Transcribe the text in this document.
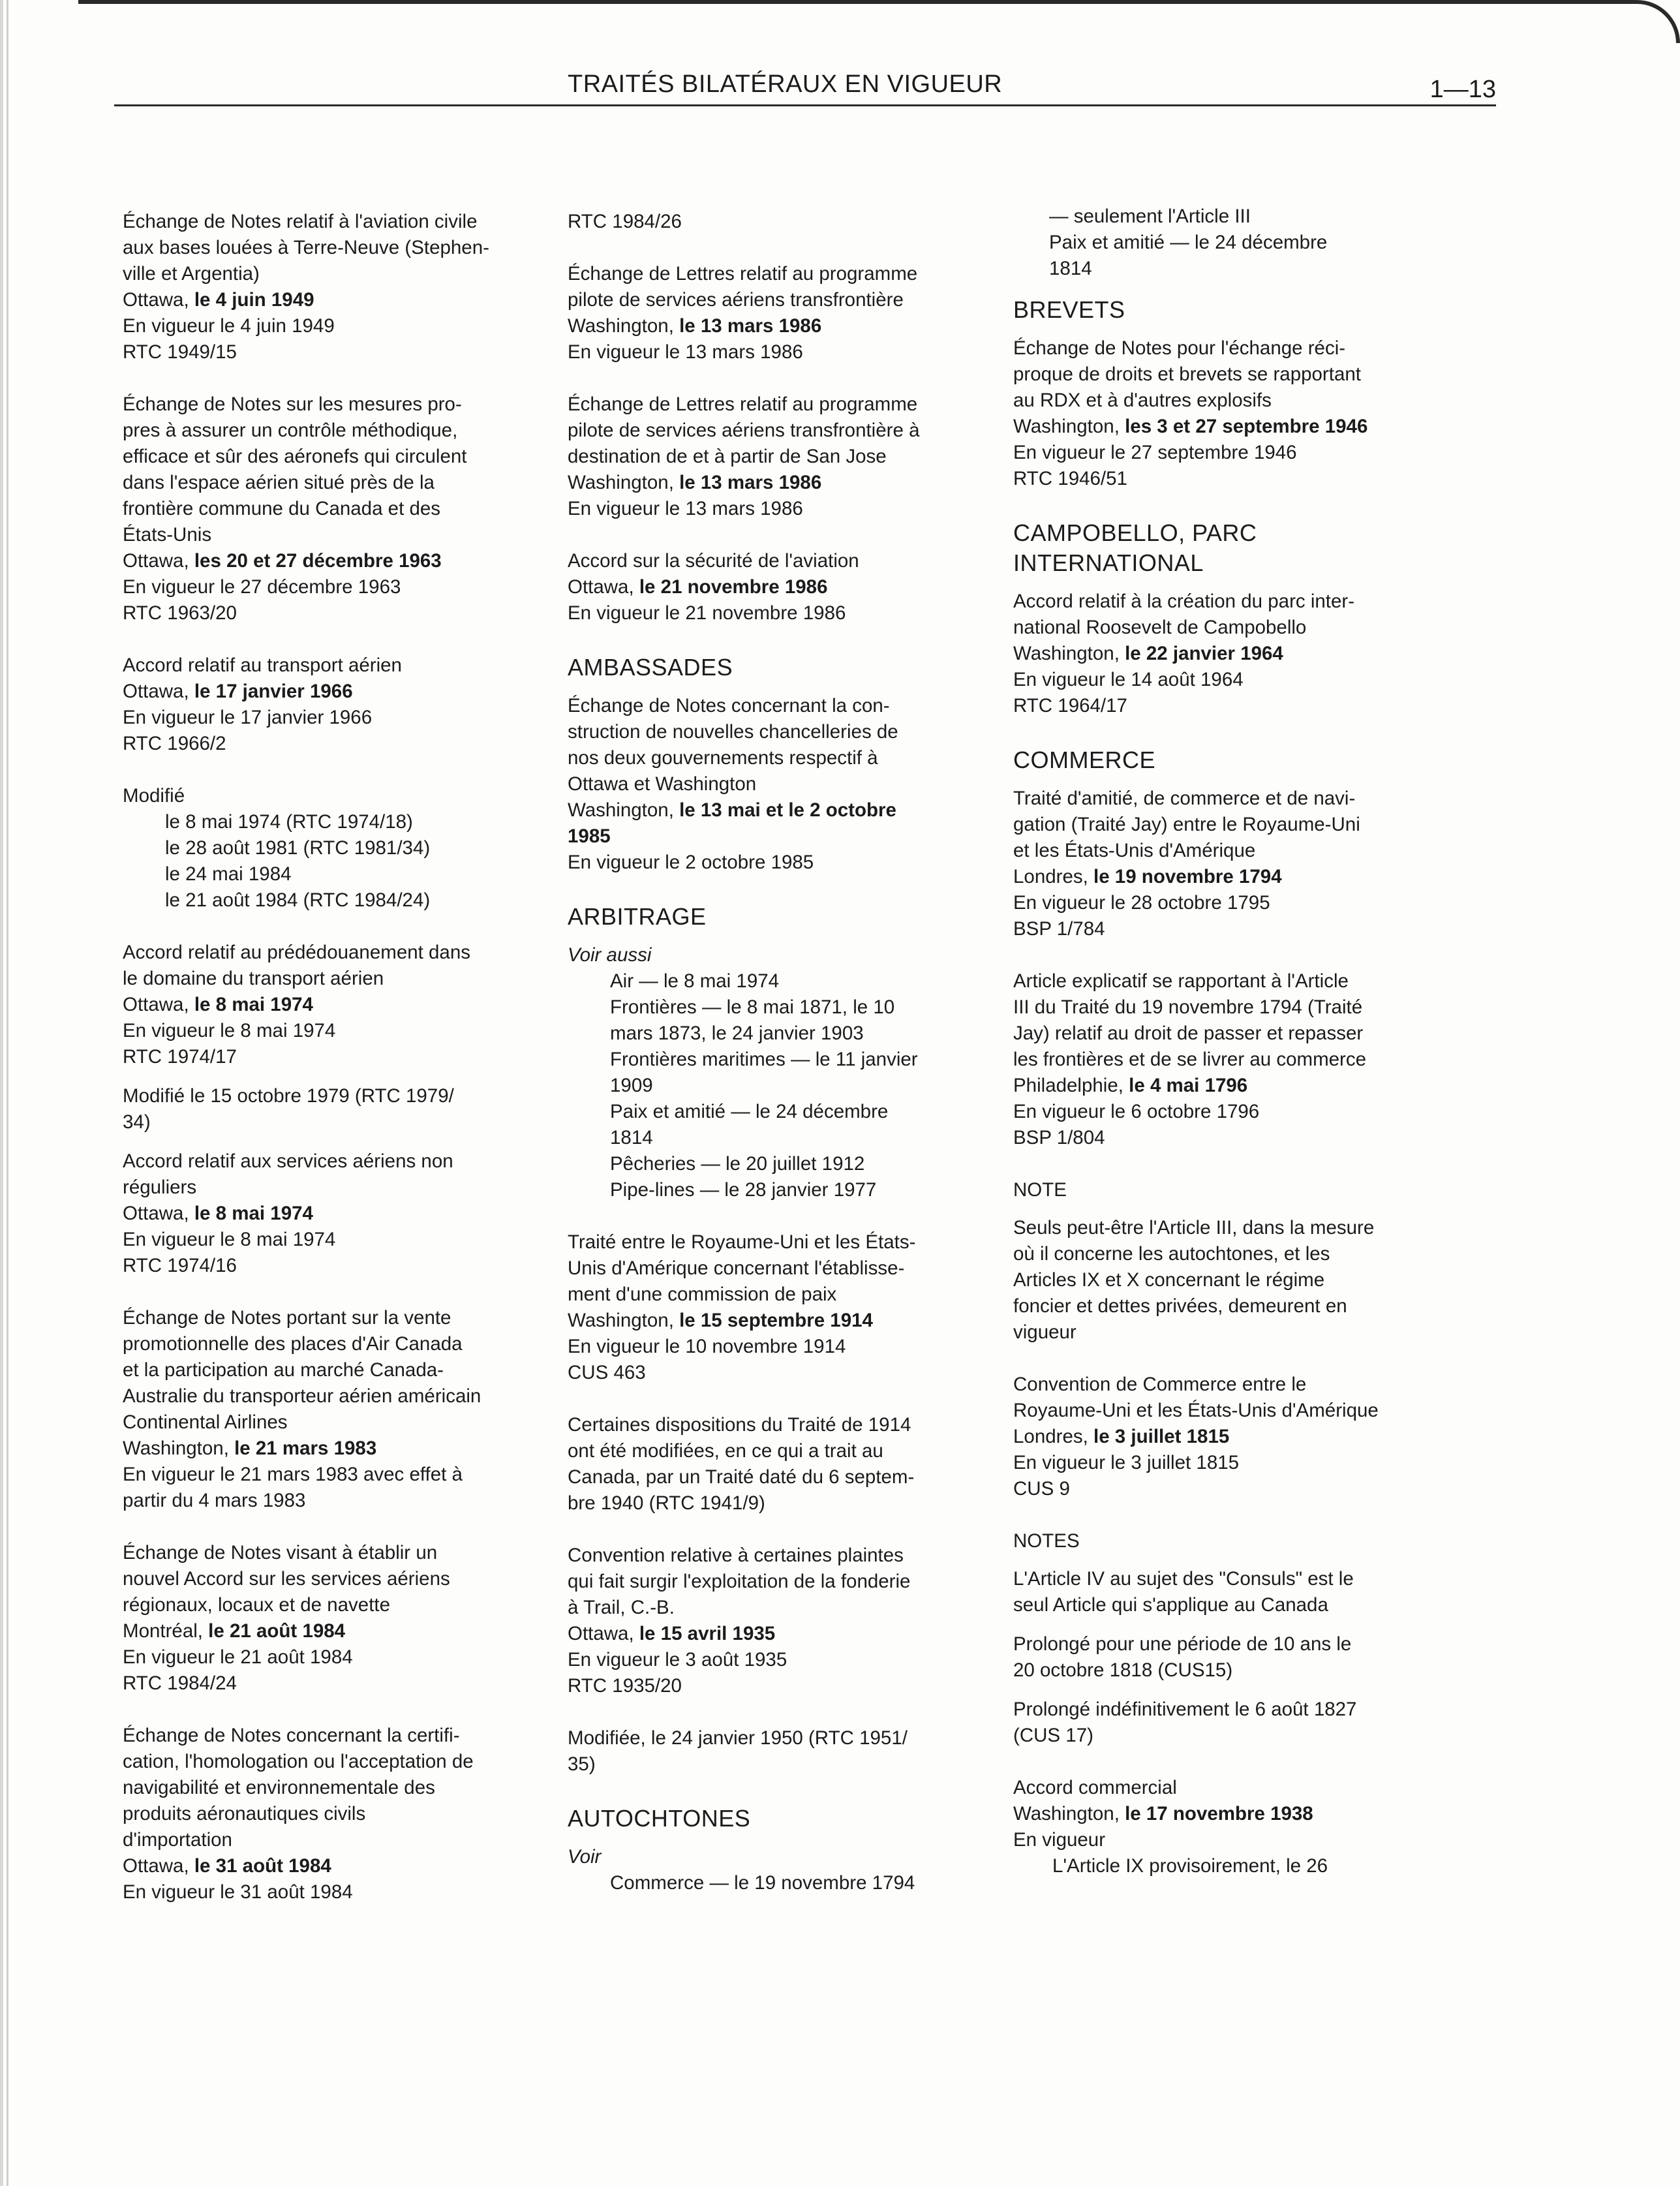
TRAITÉS BILATÉRAUX EN VIGUEUR	1—13
Échange de Notes relatif à l'aviation civile
aux bases louées à Terre-Neuve (Stephen-
ville et Argentia)
Ottawa, le 4 juin 1949
En vigueur le 4 juin 1949
RTC 1949/15
Échange de Notes sur les mesures pro-
pres à assurer un contrôle méthodique,
efficace et sûr des aéronefs qui circulent
dans l'espace aérien situé près de la
frontière commune du Canada et des
États-Unis
Ottawa, les 20 et 27 décembre 1963
En vigueur le 27 décembre 1963
RTC 1963/20
Accord relatif au transport aérien
Ottawa, le 17 janvier 1966
En vigueur le 17 janvier 1966
RTC 1966/2
Modifié
le 8 mai 1974 (RTC 1974/18)
le 28 août 1981 (RTC 1981/34)
le 24 mai 1984
le 21 août 1984 (RTC 1984/24)
Accord relatif au prédédouanement dans
le domaine du transport aérien
Ottawa, le 8 mai 1974
En vigueur le 8 mai 1974
RTC 1974/17
Modifié le 15 octobre 1979 (RTC 1979/
34)
Accord relatif aux services aériens non
réguliers
Ottawa, le 8 mai 1974
En vigueur le 8 mai 1974
RTC 1974/16
Échange de Notes portant sur la vente
promotionnelle des places d'Air Canada
et la participation au marché Canada-
Australie du transporteur aérien américain
Continental Airlines
Washington, le 21 mars 1983
En vigueur le 21 mars 1983 avec effet à
partir du 4 mars 1983
Échange de Notes visant à établir un
nouvel Accord sur les services aériens
régionaux, locaux et de navette
Montréal, le 21 août 1984
En vigueur le 21 août 1984
RTC 1984/24
Échange de Notes concernant la certifi-
cation, l'homologation ou l'acceptation de
navigabilité et environnementale des
produits aéronautiques civils
d'importation
Ottawa, le 31 août 1984
En vigueur le 31 août 1984
RTC 1984/26
Échange de Lettres relatif au programme
pilote de services aériens transfrontière
Washington, le 13 mars 1986
En vigueur le 13 mars 1986
Échange de Lettres relatif au programme
pilote de services aériens transfrontière à
destination de et à partir de San Jose
Washington, le 13 mars 1986
En vigueur le 13 mars 1986
Accord sur la sécurité de l'aviation
Ottawa, le 21 novembre 1986
En vigueur le 21 novembre 1986
AMBASSADES
Échange de Notes concernant la con-
struction de nouvelles chancelleries de
nos deux gouvernements respectif à
Ottawa et Washington
Washington, le 13 mai et le 2 octobre
1985
En vigueur le 2 octobre 1985
ARBITRAGE
Voir aussi
Air — le 8 mai 1974
Frontières — le 8 mai 1871, le 10
mars 1873, le 24 janvier 1903
Frontières maritimes — le 11 janvier
1909
Paix et amitié — le 24 décembre
1814
Pêcheries — le 20 juillet 1912
Pipe-lines — le 28 janvier 1977
Traité entre le Royaume-Uni et les États-
Unis d'Amérique concernant l'établisse-
ment d'une commission de paix
Washington, le 15 septembre 1914
En vigueur le 10 novembre 1914
CUS 463
Certaines dispositions du Traité de 1914
ont été modifiées, en ce qui a trait au
Canada, par un Traité daté du 6 septem-
bre 1940 (RTC 1941/9)
Convention relative à certaines plaintes
qui fait surgir l'exploitation de la fonderie
à Trail, C.-B.
Ottawa, le 15 avril 1935
En vigueur le 3 août 1935
RTC 1935/20
Modifiée, le 24 janvier 1950 (RTC 1951/
35)
AUTOCHTONES
Voir
Commerce — le 19 novembre 1794
— seulement l'Article III
Paix et amitié — le 24 décembre
1814
BREVETS
Échange de Notes pour l'échange réci-
proque de droits et brevets se rapportant
au RDX et à d'autres explosifs
Washington, les 3 et 27 septembre 1946
En vigueur le 27 septembre 1946
RTC 1946/51
CAMPOBELLO, PARC
INTERNATIONAL
Accord relatif à la création du parc inter-
national Roosevelt de Campobello
Washington, le 22 janvier 1964
En vigueur le 14 août 1964
RTC 1964/17
COMMERCE
Traité d'amitié, de commerce et de navi-
gation (Traité Jay) entre le Royaume-Uni
et les États-Unis d'Amérique
Londres, le 19 novembre 1794
En vigueur le 28 octobre 1795
BSP 1/784
Article explicatif se rapportant à l'Article
III du Traité du 19 novembre 1794 (Traité
Jay) relatif au droit de passer et repasser
les frontières et de se livrer au commerce
Philadelphie, le 4 mai 1796
En vigueur le 6 octobre 1796
BSP 1/804
NOTE
Seuls peut-être l'Article III, dans la mesure
où il concerne les autochtones, et les
Articles IX et X concernant le régime
foncier et dettes privées, demeurent en
vigueur
Convention de Commerce entre le
Royaume-Uni et les États-Unis d'Amérique
Londres, le 3 juillet 1815
En vigueur le 3 juillet 1815
CUS 9
NOTES
L'Article IV au sujet des "Consuls" est le
seul Article qui s'applique au Canada
Prolongé pour une période de 10 ans le
20 octobre 1818 (CUS15)
Prolongé indéfinitivement le 6 août 1827
(CUS 17)
Accord commercial
Washington, le 17 novembre 1938
En vigueur
L'Article IX provisoirement, le 26
